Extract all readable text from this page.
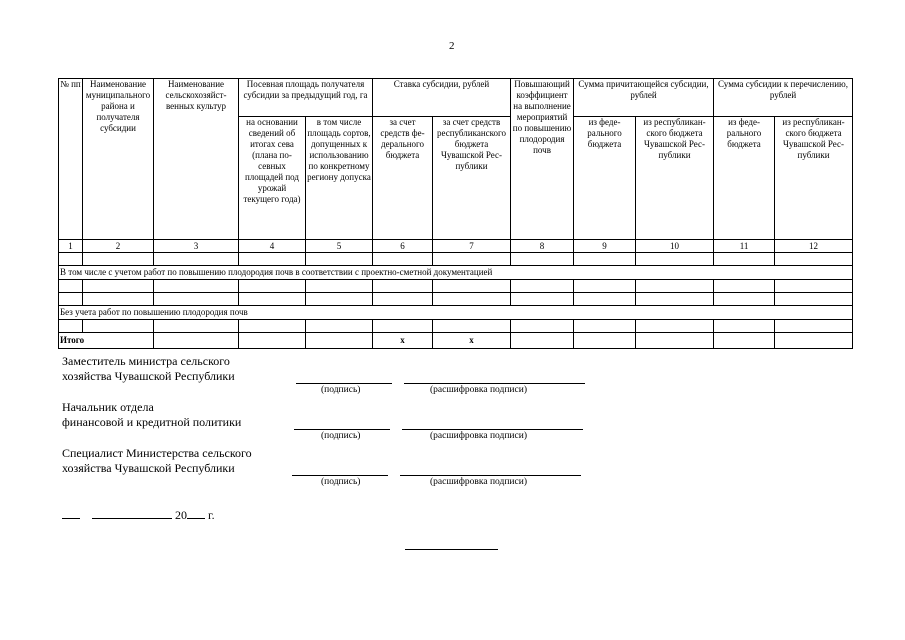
2
№ пп	Наименование муниципального района и получателя субсидии	Наименование сельскохозяйственных культур	Посевная площадь получателя субсидии за предыдущий год, га		Ставка субсидии, рублей		Повышающий коэффициент на выполнение мероприятий по повышению плодородия почв	Сумма причитающейся субсидии, рублей		Сумма субсидии к перечислению, рублей	
			на основании сведений об итогах сева (плана посевных площадей под урожай текущего года)	в том числе площадь сортов, допущенных к использованию по конкретному региону допуска	за счет средств федерального бюджета	за счет средств республиканского бюджета Чувашской Республики		из федерального бюджета	из республиканского бюджета Чувашской Республики	из федерального бюджета	из республиканского бюджета Чувашской Республики
1	2	3	4	5	6	7	8	9	10	11	12

В том числе с учетом работ по повышению плодородия почв в соответствии с проектно-сметной документацией											

Без учета работ по повышению плодородия почв											

Итого					х	х					
Заместитель министра сельского
хозяйства Чувашской Республики
(подпись)	(расшифровка подписи)
Начальник отдела
финансовой и кредитной политики
(подпись)	(расшифровка подписи)
Специалист Министерства сельского
хозяйства Чувашской Республики
(подпись)	(расшифровка подписи)
20 г.
